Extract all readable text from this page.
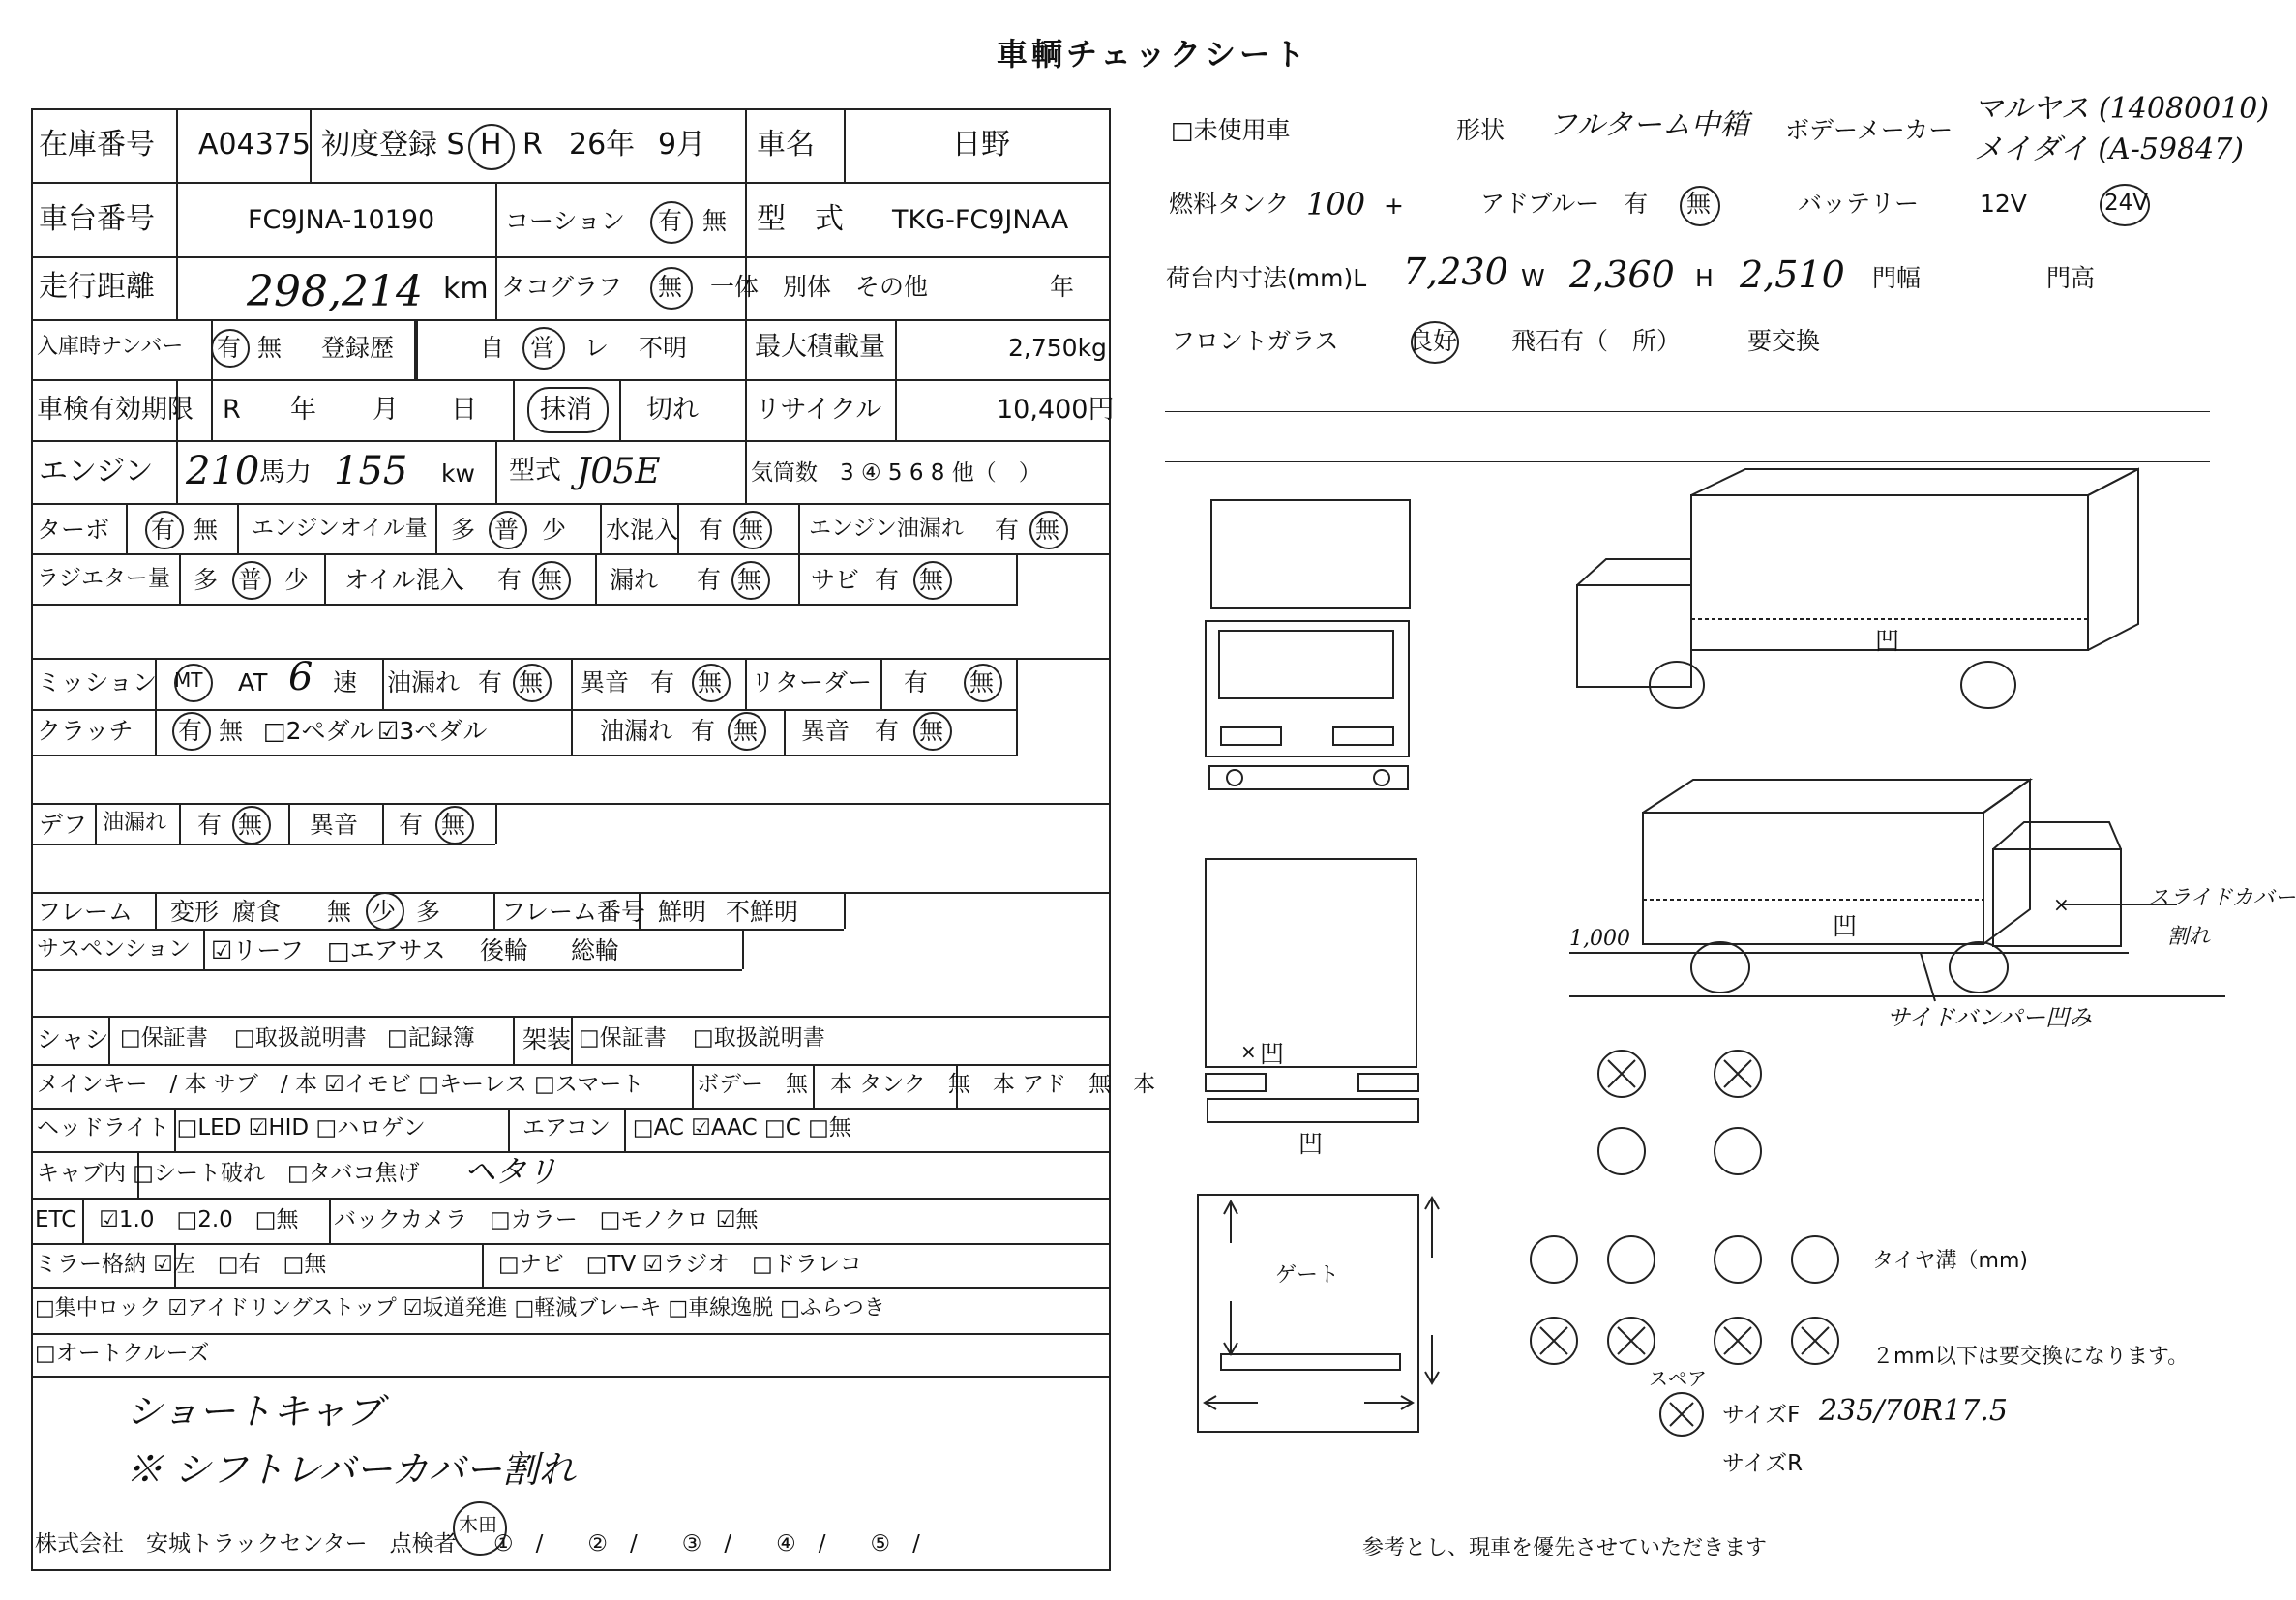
車輌チェックシート
在庫番号 A04375 初度登録 S H R 26年 9月 車名	日野
車台番号	FC9JNA-10190	コーション 有 無 型　式 TKG-FC9JNAA
走行距離 298,214 km タコグラフ 無 一体　別体　その他	年
入庫時ナンバー 有 無 登録歴	自 営 レ 不明	最大積載量	2,750kg
車検有効期限 R 年 月 日 抹消 切れ リサイクル	10,400円
エンジン 210 馬力 155 kw 型式 J05E	気筒数　3 ④ 5 6 8 他（　）
ターボ 有 無 エンジンオイル量 多 普 少 水混入 有 無 エンジン油漏れ 有 無
ラジエター量 多 普 少 オイル混入 有 無 漏れ 有 無 サビ 有 無
ミッション MT AT 6 速 油漏れ 有 無 異音 有 無 リターダー 有 無
クラッチ 有 無 □2ペダル ☑3ペダル	油漏れ 有 無 異音 有 無
デフ 油漏れ 有 無 異音 有 無
フレーム 変形 腐食 無 少 多	フレーム番号 鮮明 不鮮明
サスペンション ☑リーフ □エアサス 後輪 総輪
シャシ □保証書 □取扱説明書 □記録簿 架装 □保証書 □取扱説明書
メインキー　/ 本 サブ　/ 本 ☑イモビ □キーレス □スマート ボデー　無　本 タンク　無　本 アド　無　本
ヘッドライト □LED ☑HID □ハロゲン	エアコン　□AC ☑AAC □C □無
キャブ内 □シート破れ　□タバコ焦げ ヘタリ
ETC　☑1.0　□2.0　□無 バックカメラ　□カラー　□モノクロ ☑無
ミラー格納 ☑左　□右　□無	□ナビ　□TV ☑ラジオ　□ドラレコ
□集中ロック ☑アイドリングストップ ☑坂道発進 □軽減ブレーキ □車線逸脱 □ふらつき
□オートクルーズ
ショートキャブ
※ シフトレバーカバー割れ
株式会社　安城トラックセンター　点検者
木田
①　/　　②　/　　③　/　　④　/　　⑤　/
□未使用車	形状 フルターム中箱 ボデーメーカー
マルヤス (14080010)
メイダイ (A-59847)
燃料タンク 100 +	アドブルー　有 無	バッテリー	12V	24V
荷台内寸法(mm)L 7,230 W 2,360 H 2,510 門幅	門高
フロントガラス	良好 飛石有（　所）	要交換
凹
凹
凹
凹
×
×
1,000
スライドカバー
割れ
サイドバンパー凹み
ゲート
タイヤ溝（mm)
２mm以下は要交換になります。
スペア
サイズF 235/70R17.5
サイズR
参考とし、現車を優先させていただきます
